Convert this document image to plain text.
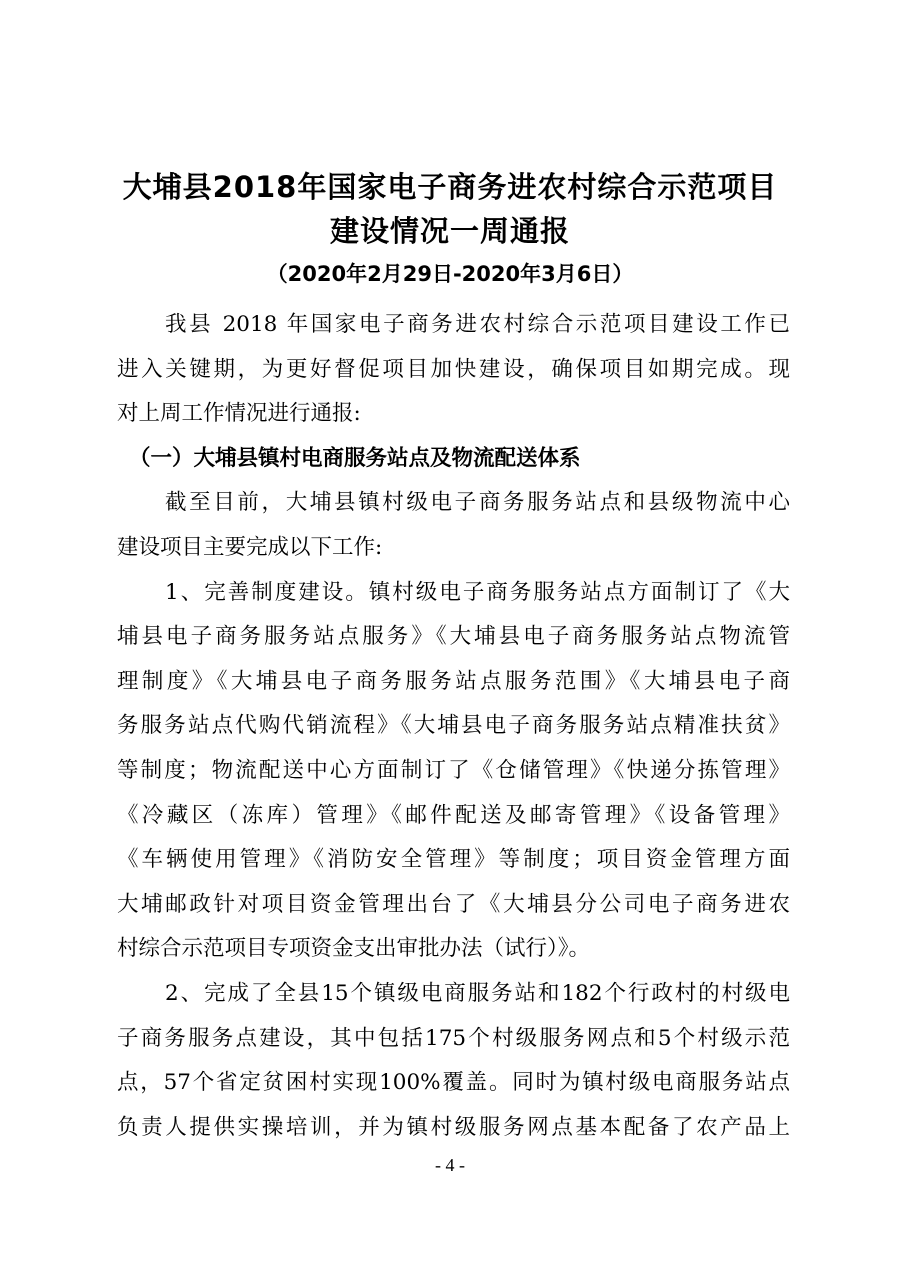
大埔县2018年国家电子商务进农村综合示范项目
建设情况一周通报
（2020年2月29日-2020年3月6日）
我县 2018 年国家电子商务进农村综合示范项目建设工作已
进入关键期，为更好督促项目加快建设，确保项目如期完成。现
对上周工作情况进行通报:
（一）大埔县镇村电商服务站点及物流配送体系
截至目前，大埔县镇村级电子商务服务站点和县级物流中心
建设项目主要完成以下工作:
1、完善制度建设。镇村级电子商务服务站点方面制订了《大
埔县电子商务服务站点服务》《大埔县电子商务服务站点物流管
理制度》《大埔县电子商务服务站点服务范围》《大埔县电子商
务服务站点代购代销流程》《大埔县电子商务服务站点精准扶贫》
等制度；物流配送中心方面制订了《仓储管理》《快递分拣管理》
《冷藏区（冻库）管理》《邮件配送及邮寄管理》《设备管理》
《车辆使用管理》《消防安全管理》等制度；项目资金管理方面
大埔邮政针对项目资金管理出台了《大埔县分公司电子商务进农
村综合示范项目专项资金支出审批办法（试行）》。
2、完成了全县15个镇级电商服务站和182个行政村的村级电
子商务服务点建设，其中包括175个村级服务网点和5个村级示范
点，57个省定贫困村实现100%覆盖。同时为镇村级电商服务站点
负责人提供实操培训，并为镇村级服务网点基本配备了农产品上
- 4 -
